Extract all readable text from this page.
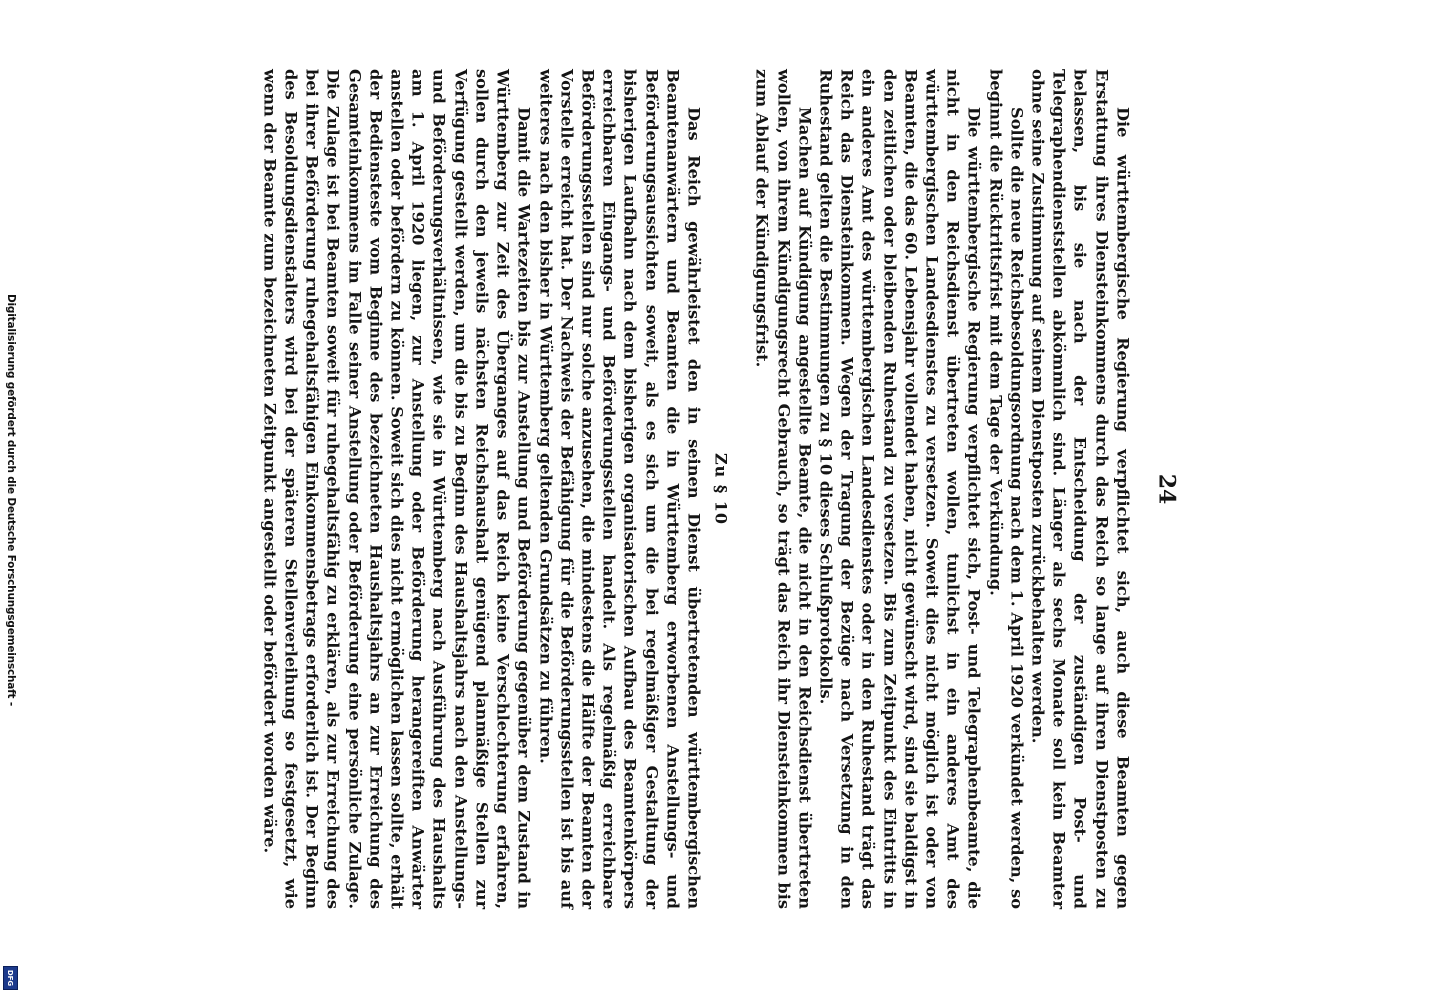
Digitalisierung gefördert durch die Deutsche Forschungsgemeinschaft -
DFG
24

Die württembergische Regierung verpflichtet sich, auch diese Beamten gegen Erstattung ihres Diensteinkommens durch das Reich so lange auf ihren Dienstposten zu belassen, bis sie nach der Entscheidung der zuständigen Post- und Telegraphendienststellen abkömmlich sind. Länger als sechs Monate soll kein Beamter ohne seine Zustimmung auf seinem Dienstposten zurückbehalten werden.

Sollte die neue Reichsbesoldungsordnung nach dem 1. April 1920 verkündet werden, so beginnt die Rücktrittsfrist mit dem Tage der Verkündung.

Die württembergische Regierung verpflichtet sich, Post- und Telegraphenbeamte, die nicht in den Reichsdienst übertreten wollen, tunlichst in ein anderes Amt des württembergischen Landesdienstes zu versetzen. Soweit dies nicht möglich ist oder von Beamten, die das 60. Lebensjahr vollendet haben, nicht gewünscht wird, sind sie baldigst in den zeitlichen oder bleibenden Ruhestand zu versetzen. Bis zum Zeitpunkt des Eintritts in ein anderes Amt des württembergischen Landesdienstes oder in den Ruhestand trägt das Reich das Diensteinkommen. Wegen der Tragung der Bezüge nach Versetzung in den Ruhestand gelten die Bestimmungen zu § 10 dieses Schlußprotokolls.

Machen auf Kündigung angestellte Beamte, die nicht in den Reichsdienst übertreten wollen, von ihrem Kündigungsrecht Gebrauch, so trägt das Reich ihr Diensteinkommen bis zum Ablauf der Kündigungsfrist.

Zu § 10

Das Reich gewährleistet den in seinen Dienst übertretenden württembergischen Beamtenanwärtern und Beamten die in Württemberg erworbenen Anstellungs- und Beförderungsaussichten soweit, als es sich um die bei regelmäßiger Gestaltung der bisherigen Laufbahn nach dem bisherigen organisatorischen Aufbau des Beamtenkörpers erreichbaren Eingangs- und Beförderungsstellen handelt. Als regelmäßig erreichbare Beförderungsstellen sind nur solche anzusehen, die mindestens die Hälfte der Beamten der Vorstelle erreicht hat. Der Nachweis der Befähigung für die Beförderungsstellen ist bis auf weiteres nach den bisher in Württemberg geltenden Grundsätzen zu führen.

Damit die Wartezeiten bis zur Anstellung und Beförderung gegenüber dem Zustand in Württemberg zur Zeit des Überganges auf das Reich keine Verschlechterung erfahren, sollen durch den jeweils nächsten Reichshaushalt genügend planmäßige Stellen zur Verfügung gestellt werden, um die bis zu Beginn des Haushaltsjahrs nach den Anstellungs- und Beförderungsverhältnissen, wie sie in Württemberg nach Ausführung des Haushalts am 1. April 1920 liegen, zur Anstellung oder Beförderung herangereiften Anwärter anstellen oder befördern zu können. Soweit sich dies nicht ermöglichen lassen sollte, erhält der Bediensteste vom Beginne des bezeichneten Haushaltsjahrs an zur Erreichung des Gesamteinkommens im Falle seiner Anstellung oder Beförderung eine persönliche Zulage. Die Zulage ist bei Beamten soweit für ruhegehaltsfähig zu erklären, als zur Erreichung des bei ihrer Beförderung ruhegehaltsfähigen Einkommensbetrags erforderlich ist. Der Beginn des Besoldungsdienstalters wird bei der späteren Stellenverleihung so festgesetzt, wie wenn der Beamte zum bezeichneten Zeitpunkt angestellt oder befördert worden wäre.
